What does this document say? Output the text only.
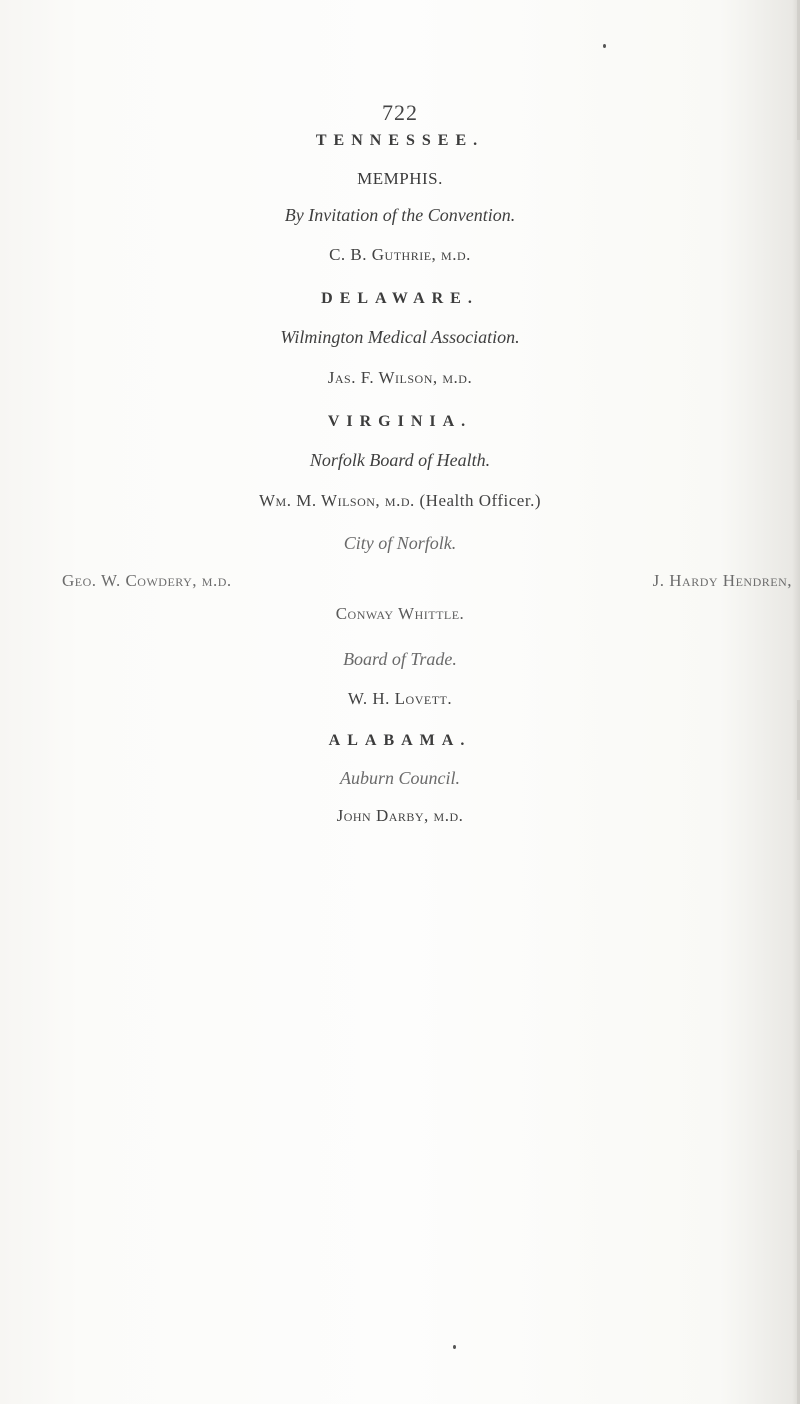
722
TENNESSEE.
MEMPHIS.
By Invitation of the Convention.
C. B. Guthrie, m.d.
DELAWARE.
Wilmington Medical Association.
Jas. F. Wilson, m.d.
VIRGINIA.
Norfolk Board of Health.
Wm. M. Wilson, m.d. (Health Officer.)
City of Norfolk.
Geo. W. Cowdery, m.d.	J. Hardy Hendren,
Conway Whittle.
Board of Trade.
W. H. Lovett.
ALABAMA.
Auburn Council.
John Darby, m.d.
